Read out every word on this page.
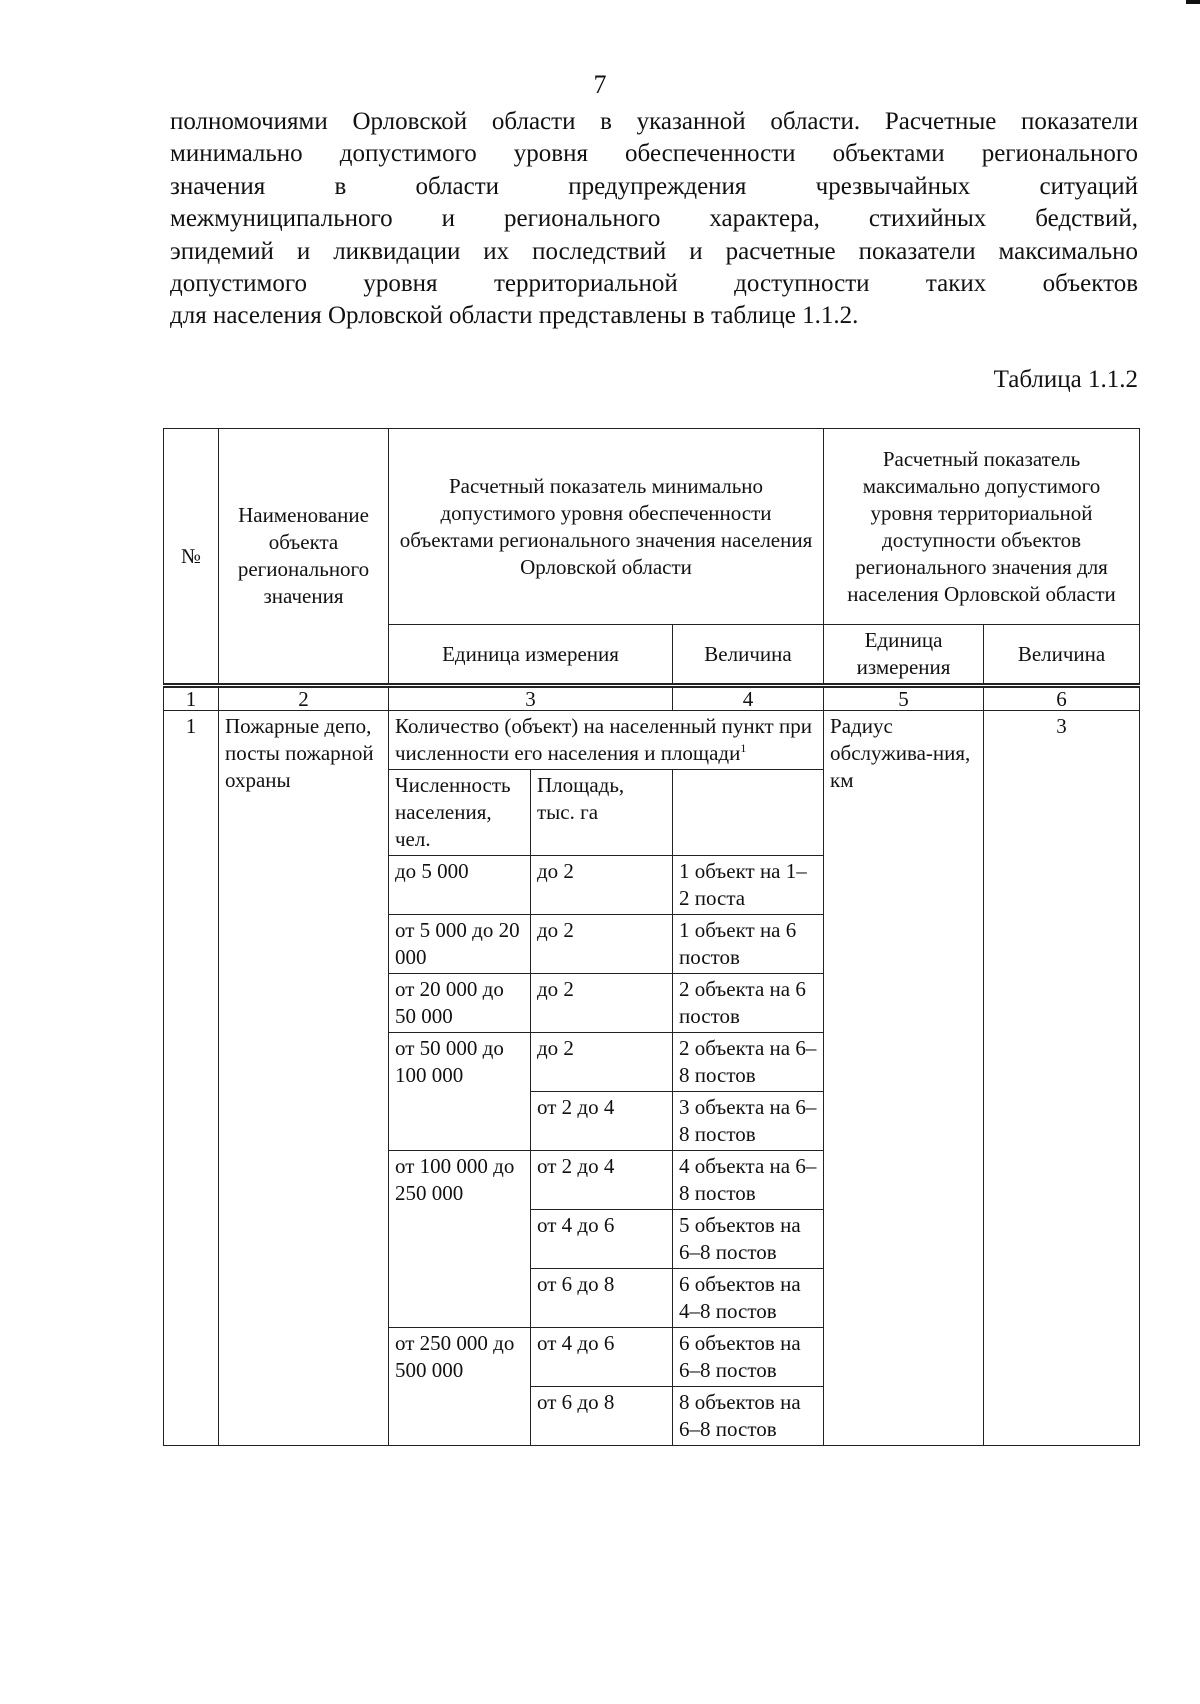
7
полномочиями Орловской области в указанной области. Расчетные показатели
минимально допустимого уровня обеспеченности объектами регионального
значения в области предупреждения чрезвычайных ситуаций
межмуниципального и регионального характера, стихийных бедствий,
эпидемий и ликвидации их последствий и расчетные показатели максимально
допустимого уровня территориальной доступности таких объектов
для населения Орловской области представлены в таблице 1.1.2.
Таблица 1.1.2
№	Наименование объекта регионального значения	Расчетный показатель минимально допустимого уровня обеспеченности объектами регионального значения населения Орловской области			Расчетный показатель максимально допустимого уровня территориальной доступности объектов регионального значения для населения Орловской области	
		Единица измерения		Величина	Единица измерения	Величина
1	2	3		4	5	6
1	Пожарные депо, посты пожарной охраны	Количество (объект) на населенный пункт при численности его населения и площади$^1$			Радиус обслужива-ния, км	3
		Численность населения, чел.	Площадь, тыс. га			
		до 5 000	до 2	1 объект на 1–2 поста		
		от 5 000 до 20 000	до 2	1 объект на 6 постов		
		от 20 000 до 50 000	до 2	2 объекта на 6 постов		
		от 50 000 до 100 000	до 2	2 объекта на 6–8 постов		
			от 2 до 4	3 объекта на 6–8 постов		
		от 100 000 до 250 000	от 2 до 4	4 объекта на 6–8 постов		
			от 4 до 6	5 объектов на 6–8 постов		
			от 6 до 8	6 объектов на 4–8 постов		
		от 250 000 до 500 000	от 4 до 6	6 объектов на 6–8 постов		
			от 6 до 8	8 объектов на 6–8 постов		
